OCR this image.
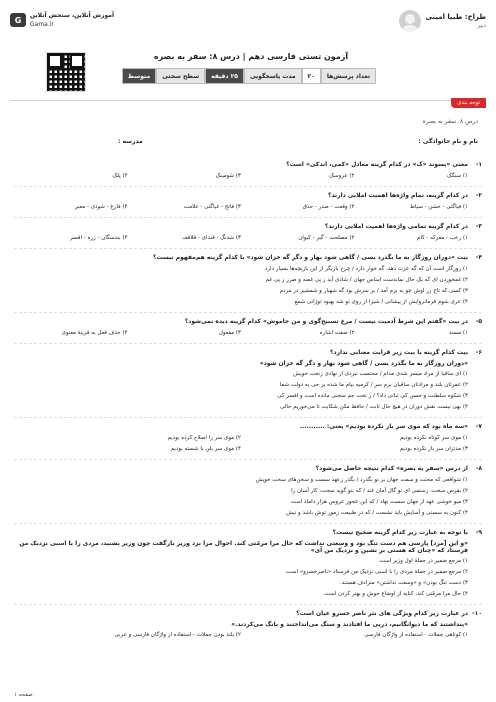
طراح: طبیا امینی
دبیر
G	آموزش آنلاین، سنجش آنلاین
Gama.ir
آزمون تستی فارسی دهم | درس ۸: سفر به بصره
تعداد پرسش‌ها
۲۰
مدت پاسخگویی
۲۵ دقیقه
سطح سختی
متوسط
توجه بندی
درس ۸: سفر به بصره
نام و نام خانوادگی :
مدرسه :
۱-
معنی «پسوند «ک» در کدام گزینه معادل «کمی، اندکی» است؟
۱) سنگک
۲) عروسک
۳) شومینک
۴) پلک
۲-
در کدام گزینه، تمام واژه‌ها اهمیت املایی دارند؟
۱) فیاگتی - خشن - سیاط
۲) وقعت - صدر - حذق
۳) فاتح - غیاگتی - علامت
۴) فارغ - شوذی - معبر
۳-
در کدام گزینه تمامی واژه‌ها اهمیت املایی دارند؟
۱) رعب - معرکه - کام
۲) مصلحت - گبر - کیوان
۳) شدنگ - قندای - قلاقف
۴) بندسگان - زره - اقسر
۴-
بیت «دوران روزگار به ما بگذرد بسی / گاهی شود بهار و دگر گه خزان شود» با کدام گزینه هم‌مفهوم نیست؟
۱) روزگار است آن که گه عزت دهد، گه خوار دارد / چرخ بازیگر از این بازیچه‌ها بسیار دارد
۲) غمخوردن ای که یک حال نماندست اساس جهان / شادی آید ز پی غصه و ضرر ز پی غم
۳) کسی که تاج زر اوش چو به بزم آمد / بر سرش بود گه شهبار و شمشیر در مردم
۴) عری شوم فرمانروایش از پیشانی / شیرا از روی تو شد بهبود توژانی شمع
۵-
در بیت «گفتم این شرط آدمیت نیست / مرغ تسبیح‌گوی و من خاموش» کدام گزینه دیده نمی‌شود؟
۱) مسند
۲) صفت اشاره
۳) مفعول
۴) حذف فعل به قرینهٔ معنوی
۶-
بیت کدام گزینه با بیت زیر قرابت معنایی ندارد؟
«دوران روزگار به ما بگذرد بسی / گاهی شود بهار و دگر گه خزان شود»
۱) ای ساقیا از مراد میسر شدی مدام / محتسب نبردی از نهادی زنخت خویش
۲) عمرتان بلند و مرادتان ساقیان بزم سر / کرمیه بیام ما شده پر حی به دولت شما
۳) شکوه سلطنت و حسن کی ثباتی داد؟ / ز تخت جم سخنی مانده است و افسر کی
۴) بهی نیست نقش دوران در هیچ حال ثابت / حافظ مکن شکایت تا می‌خوریم حالی
۷-
«سه ماه بود که موی سر باز نکرده بودیم» یعنی: ...........
۱) موی سر کوتاه نکرده بودیم
۲) موی سر را اصلاح کرده بودیم
۳) مدتزان سر باز نکرده بودیم
۴) موی سر بلن با شسته بودیم
۸-
از درس «سفر به بصره» کدام نتیجه حاصل می‌شود؟
۱) شوافعی که محنت و سمت جهان بر تو بگذرد / بگذر زعهد سست و سخن‌های سخت خویش
۲) بفرس سخت، زستمی ای تو گال آمان غند / که بتو گوید سخت، کار آسان را
۳) میو خوشی عهد از جهان سست نهاد / که این عجوز عروس هزار داماد است
۴) کنون به سستی و آسایش باید نشست / که در طبیعت زمور توش باشد و نیش
۹-
با توجه به عبارت زیر کدام گزینه صحیح نیست؟
«و این [مرد] پارسی هم دست تنگ بود و وسعتی نداشت که حال مرا مرمّتی کند. احوال مرا نزد وزیر بازگفت چون وزیر بشنید، مردی را با اسبی نزدیک من فرستاد که «چنان که هستی بر نشین و نزدیک من آی»
۱) مرجع ضمیر در جملهٔ اول وزیر است.
۲) مرجع ضمیر در جملهٔ مردی را با اسبی نزدیک من فرستاد «ناصرخسرو» است.
۳) دست تنگ بودن» و «وسعت نداشتن» مترادف هستند.
۴) حال مرا مرمّتی کند، کنایه از اوضاع خوش و بهتر کردن است.
۱۰-
در عبارت زیر کدام ویژگی های نثر ناصر خسرو عیان است؟
«پنداشتند که ما دیوانگانیم، دریی ما افتادند و سنگ می‌انداختند و بانگ می‌کردند.»
۱) کوتاهی جملات - استفاده از واژگان فارسی
۲) بلند بودن جملات - استفاده از واژگان فارسی و عربی
صفحه ۱
